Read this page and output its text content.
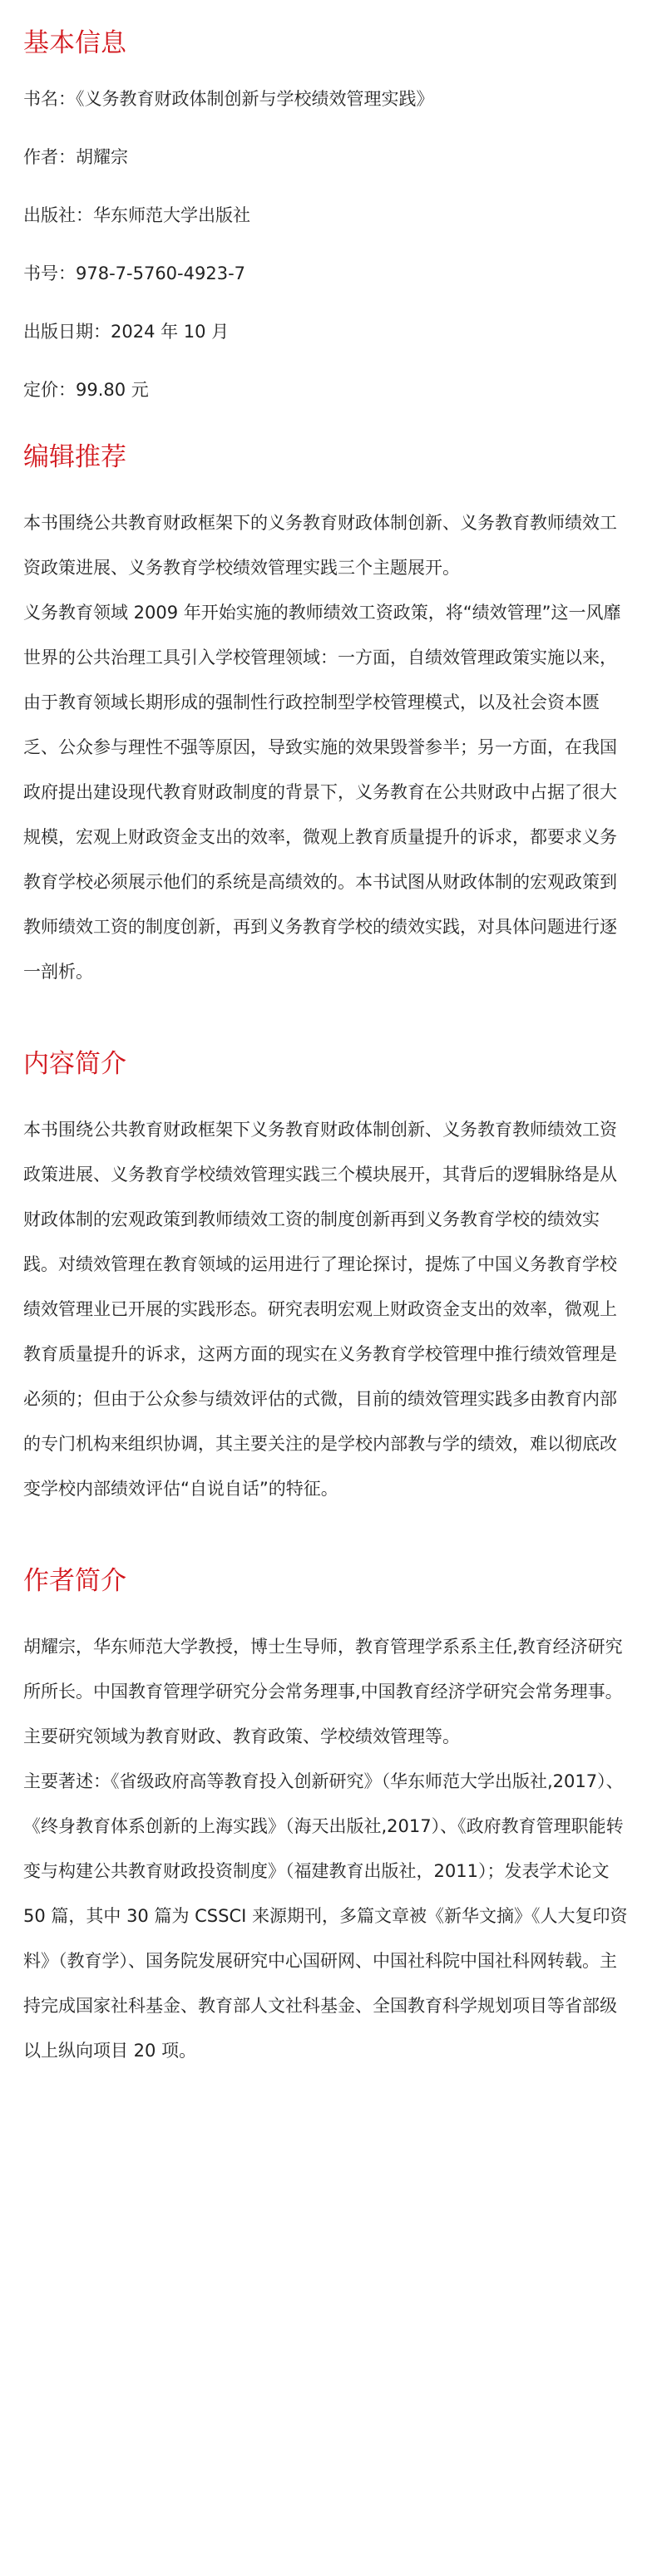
基本信息

书名：《义务教育财政体制创新与学校绩效管理实践》

作者：胡耀宗

出版社：华东师范大学出版社

书号：978-7-5760-4923-7

出版日期：2024 年 10 月

定价：99.80 元

编辑推荐

本书围绕公共教育财政框架下的义务教育财政体制创新、义务教育教师绩效工资政策进展、义务教育学校绩效管理实践三个主题展开。

义务教育领域 2009 年开始实施的教师绩效工资政策，将“绩效管理”这一风靡世界的公共治理工具引入学校管理领域：一方面，自绩效管理政策实施以来，由于教育领域长期形成的强制性行政控制型学校管理模式，以及社会资本匮乏、公众参与理性不强等原因，导致实施的效果毁誉参半；另一方面，在我国政府提出建设现代教育财政制度的背景下，义务教育在公共财政中占据了很大规模，宏观上财政资金支出的效率，微观上教育质量提升的诉求，都要求义务教育学校必须展示他们的系统是高绩效的。本书试图从财政体制的宏观政策到教师绩效工资的制度创新，再到义务教育学校的绩效实践，对具体问题进行逐一剖析。

内容简介

本书围绕公共教育财政框架下义务教育财政体制创新、义务教育教师绩效工资政策进展、义务教育学校绩效管理实践三个模块展开，其背后的逻辑脉络是从财政体制的宏观政策到教师绩效工资的制度创新再到义务教育学校的绩效实践。对绩效管理在教育领域的运用进行了理论探讨，提炼了中国义务教育学校绩效管理业已开展的实践形态。研究表明宏观上财政资金支出的效率，微观上教育质量提升的诉求，这两方面的现实在义务教育学校管理中推行绩效管理是必须的；但由于公众参与绩效评估的式微，目前的绩效管理实践多由教育内部的专门机构来组织协调，其主要关注的是学校内部教与学的绩效，难以彻底改变学校内部绩效评估“自说自话”的特征。

作者简介

胡耀宗，华东师范大学教授，博士生导师，教育管理学系系主任,教育经济研究所所长。中国教育管理学研究分会常务理事,中国教育经济学研究会常务理事。主要研究领域为教育财政、教育政策、学校绩效管理等。

主要著述：《省级政府高等教育投入创新研究》（华东师范大学出版社,2017）、《终身教育体系创新的上海实践》（海天出版社,2017）、《政府教育管理职能转变与构建公共教育财政投资制度》（福建教育出版社，2011）；发表学术论文 50 篇，其中 30 篇为 CSSCI 来源期刊，多篇文章被《新华文摘》《人大复印资料》（教育学）、国务院发展研究中心国研网、中国社科院中国社科网转载。主持完成国家社科基金、教育部人文社科基金、全国教育科学规划项目等省部级以上纵向项目 20 项。
